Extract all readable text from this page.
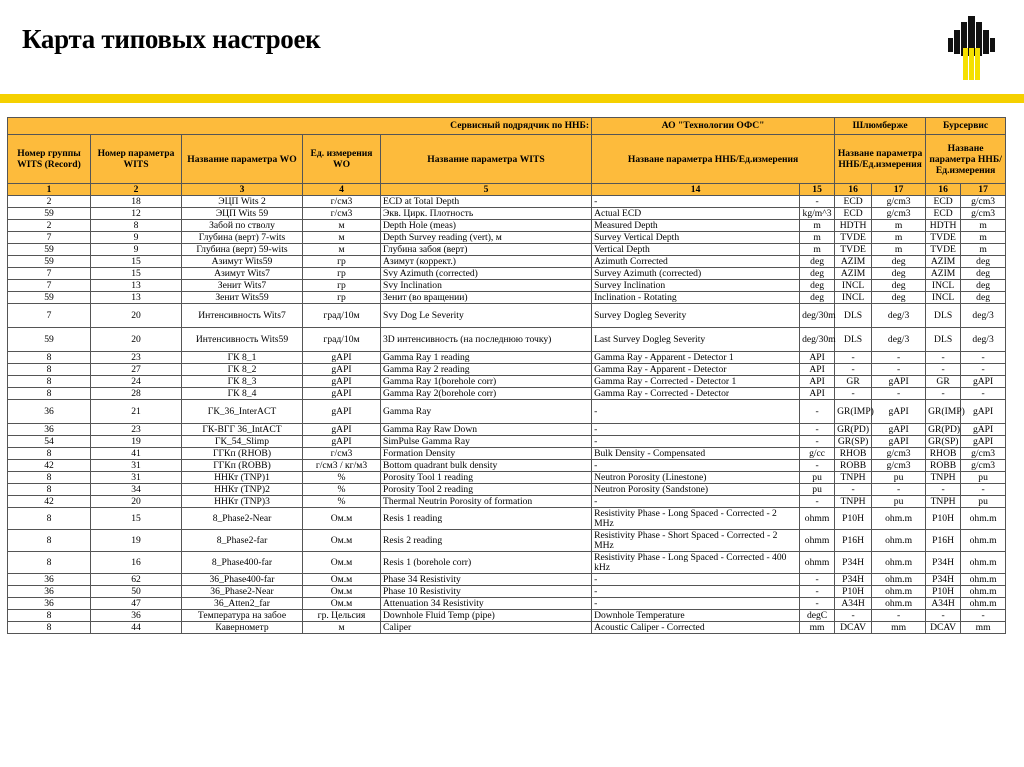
Карта типовых настроек
Сервисный подрядчик по ННБ:					АО "Технологии ОФС"		Шлюмберже		Бурсервис	
Номер группы WITS (Record)	Номер параметра WITS	Название параметра WO	Ед. измерения WO	Название параметра WITS	Назване параметра ННБ/Ед.измерения		Назване параметра ННБ/Ед.измерения		Назване параметра ННБ/Ед.измерения	
1	2	3	4	5	14	15	16	17	16	17
2	18	ЭЦП Wits 2	г/см3	ECD at Total Depth	-	-	ECD	g/cm3	ECD	g/cm3
59	12	ЭЦП Wits 59	г/см3	Экв. Цирк. Плотность	Actual ECD	kg/m^3	ECD	g/cm3	ECD	g/cm3
2	8	Забой по стволу	м	Depth Hole (meas)	Measured Depth	m	HDTH	m	HDTH	m
7	9	Глубина (верт) 7-wits	м	Depth Survey reading (vert), м	Survey Vertical Depth	m	TVDE	m	TVDE	m
59	9	Глубина (верт) 59-wits	м	Глубина забоя (верт)	Vertical Depth	m	TVDE	m	TVDE	m
59	15	Азимут Wits59	гр	Азимут (коррект.)	Azimuth Corrected	deg	AZIM	deg	AZIM	deg
7	15	Азимут Wits7	гр	Svy Azimuth (corrected)	Survey Azimuth (corrected)	deg	AZIM	deg	AZIM	deg
7	13	Зенит Wits7	гр	Svy Inclination	Survey Inclination	deg	INCL	deg	INCL	deg
59	13	Зенит Wits59	гр	Зенит (во вращении)	Inclination - Rotating	deg	INCL	deg	INCL	deg
7	20	Интенсивность Wits7	град/10м	Svy Dog Le Severity	Survey Dogleg Severity	deg/30m	DLS	deg/3	DLS	deg/3
59	20	Интенсивность Wits59	град/10м	3D интенсивность (на последнюю точку)	Last Survey Dogleg Severity	deg/30m	DLS	deg/3	DLS	deg/3
8	23	ГК 8_1	gAPI	Gamma Ray 1 reading	Gamma Ray - Apparent - Detector 1	API	-	-	-	-
8	27	ГК 8_2	gAPI	Gamma Ray 2 reading	Gamma Ray - Apparent - Detector	API	-	-	-	-
8	24	ГК 8_3	gAPI	Gamma Ray 1(borehole corr)	Gamma Ray - Corrected - Detector 1	API	GR	gAPI	GR	gAPI
8	28	ГК 8_4	gAPI	Gamma Ray 2(borehole corr)	Gamma Ray - Corrected - Detector	API	-	-	-	-
36	21	ГК_36_InterACT	gAPI	Gamma Ray	-	-	GR(IMP)	gAPI	GR(IMP)	gAPI
36	23	ГК-ВГГ 36_IntACT	gAPI	Gamma Ray Raw Down	-	-	GR(PD)	gAPI	GR(PD)	gAPI
54	19	ГК_54_Slimp	gAPI	SimPulse Gamma Ray	-	-	GR(SP)	gAPI	GR(SP)	gAPI
8	41	ГГКп (RHOB)	г/см3	Formation Density	Bulk Density - Compensated	g/cc	RHOB	g/cm3	RHOB	g/cm3
42	31	ГГКп (ROBB)	г/см3 / кг/м3	Bottom quadrant bulk density	-	-	ROBB	g/cm3	ROBB	g/cm3
8	31	ННКт (TNP)1	%	Porosity Tool 1 reading	Neutron Porosity (Linestone)	pu	TNPH	pu	TNPH	pu
8	34	ННКт (TNP)2	%	Porosity Tool 2 reading	Neutron Porosity (Sandstone)	pu	-	-	-	-
42	20	ННКт (TNP)3	%	Thermal Neutrin Porosity of formation	-	-	TNPH	pu	TNPH	pu
8	15	8_Phase2-Near	Ом.м	Resis 1 reading	Resistivity Phase - Long Spaced - Corrected - 2 MHz	ohmm	P10H	ohm.m	P10H	ohm.m
8	19	8_Phase2-far	Ом.м	Resis 2 reading	Resistivity Phase - Short Spaced - Corrected - 2 MHz	ohmm	P16H	ohm.m	P16H	ohm.m
8	16	8_Phase400-far	Ом.м	Resis 1 (borehole corr)	Resistivity Phase - Long Spaced - Corrected - 400 kHz	ohmm	P34H	ohm.m	P34H	ohm.m
36	62	36_Phase400-far	Ом.м	Phase 34 Resistivity	-	-	P34H	ohm.m	P34H	ohm.m
36	50	36_Phase2-Near	Ом.м	Phase 10 Resistivity	-	-	P10H	ohm.m	P10H	ohm.m
36	47	36_Atten2_far	Ом.м	Attenuation 34 Resistivity	-	-	A34H	ohm.m	A34H	ohm.m
8	36	Температура на забое	гр. Цельсия	Downhole Fluid Temp (pipe)	Downhole Temperature	degC	-	-	-	-
8	44	Кавернометр	м	Caliper	Acoustic Caliper - Corrected	mm	DCAV	mm	DCAV	mm
